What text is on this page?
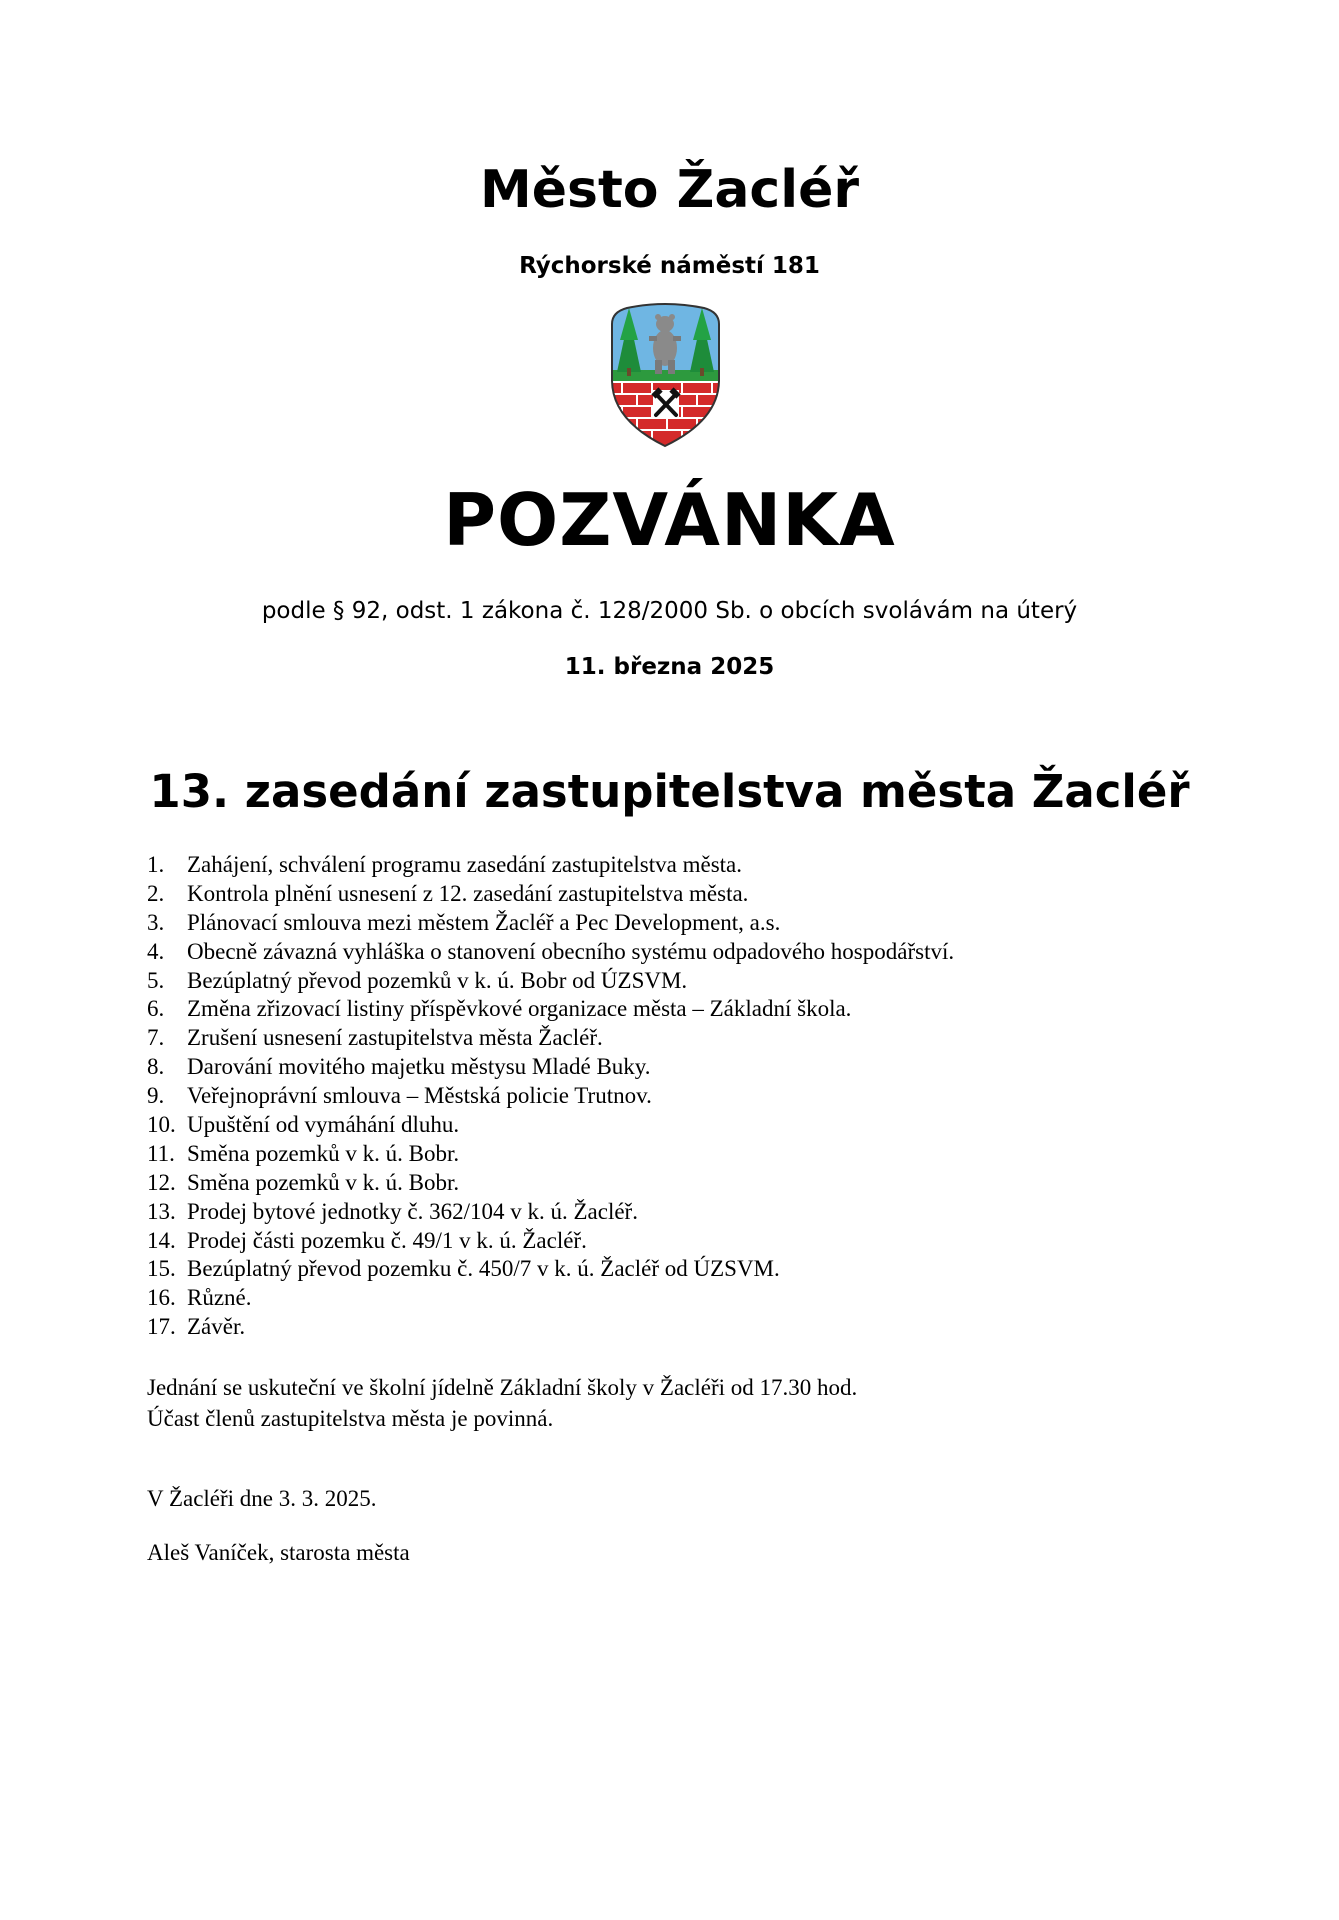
Město Žacléř
Rýchorské náměstí 181
POZVÁNKA
podle § 92, odst. 1 zákona č. 128/2000 Sb. o obcích svolávám na úterý
11. března 2025
13. zasedání zastupitelstva města Žacléř
1. Zahájení, schválení programu zasedání zastupitelstva města.
2. Kontrola plnění usnesení z 12. zasedání zastupitelstva města.
3. Plánovací smlouva mezi městem Žacléř a Pec Development, a.s.
4. Obecně závazná vyhláška o stanovení obecního systému odpadového hospodářství.
5. Bezúplatný převod pozemků v k. ú. Bobr od ÚZSVM.
6. Změna zřizovací listiny příspěvkové organizace města – Základní škola.
7. Zrušení usnesení zastupitelstva města Žacléř.
8. Darování movitého majetku městysu Mladé Buky.
9. Veřejnoprávní smlouva – Městská policie Trutnov.
10. Upuštění od vymáhání dluhu.
11. Směna pozemků v k. ú. Bobr.
12. Směna pozemků v k. ú. Bobr.
13. Prodej bytové jednotky č. 362/104 v k. ú. Žacléř.
14. Prodej části pozemku č. 49/1 v k. ú. Žacléř.
15. Bezúplatný převod pozemku č. 450/7 v k. ú. Žacléř od ÚZSVM.
16. Různé.
17. Závěr.
Jednání se uskuteční ve školní jídelně Základní školy v Žacléři od 17.30 hod.
Účast členů zastupitelstva města je povinná.
V Žacléři dne 3. 3. 2025.
Aleš Vaníček, starosta města
